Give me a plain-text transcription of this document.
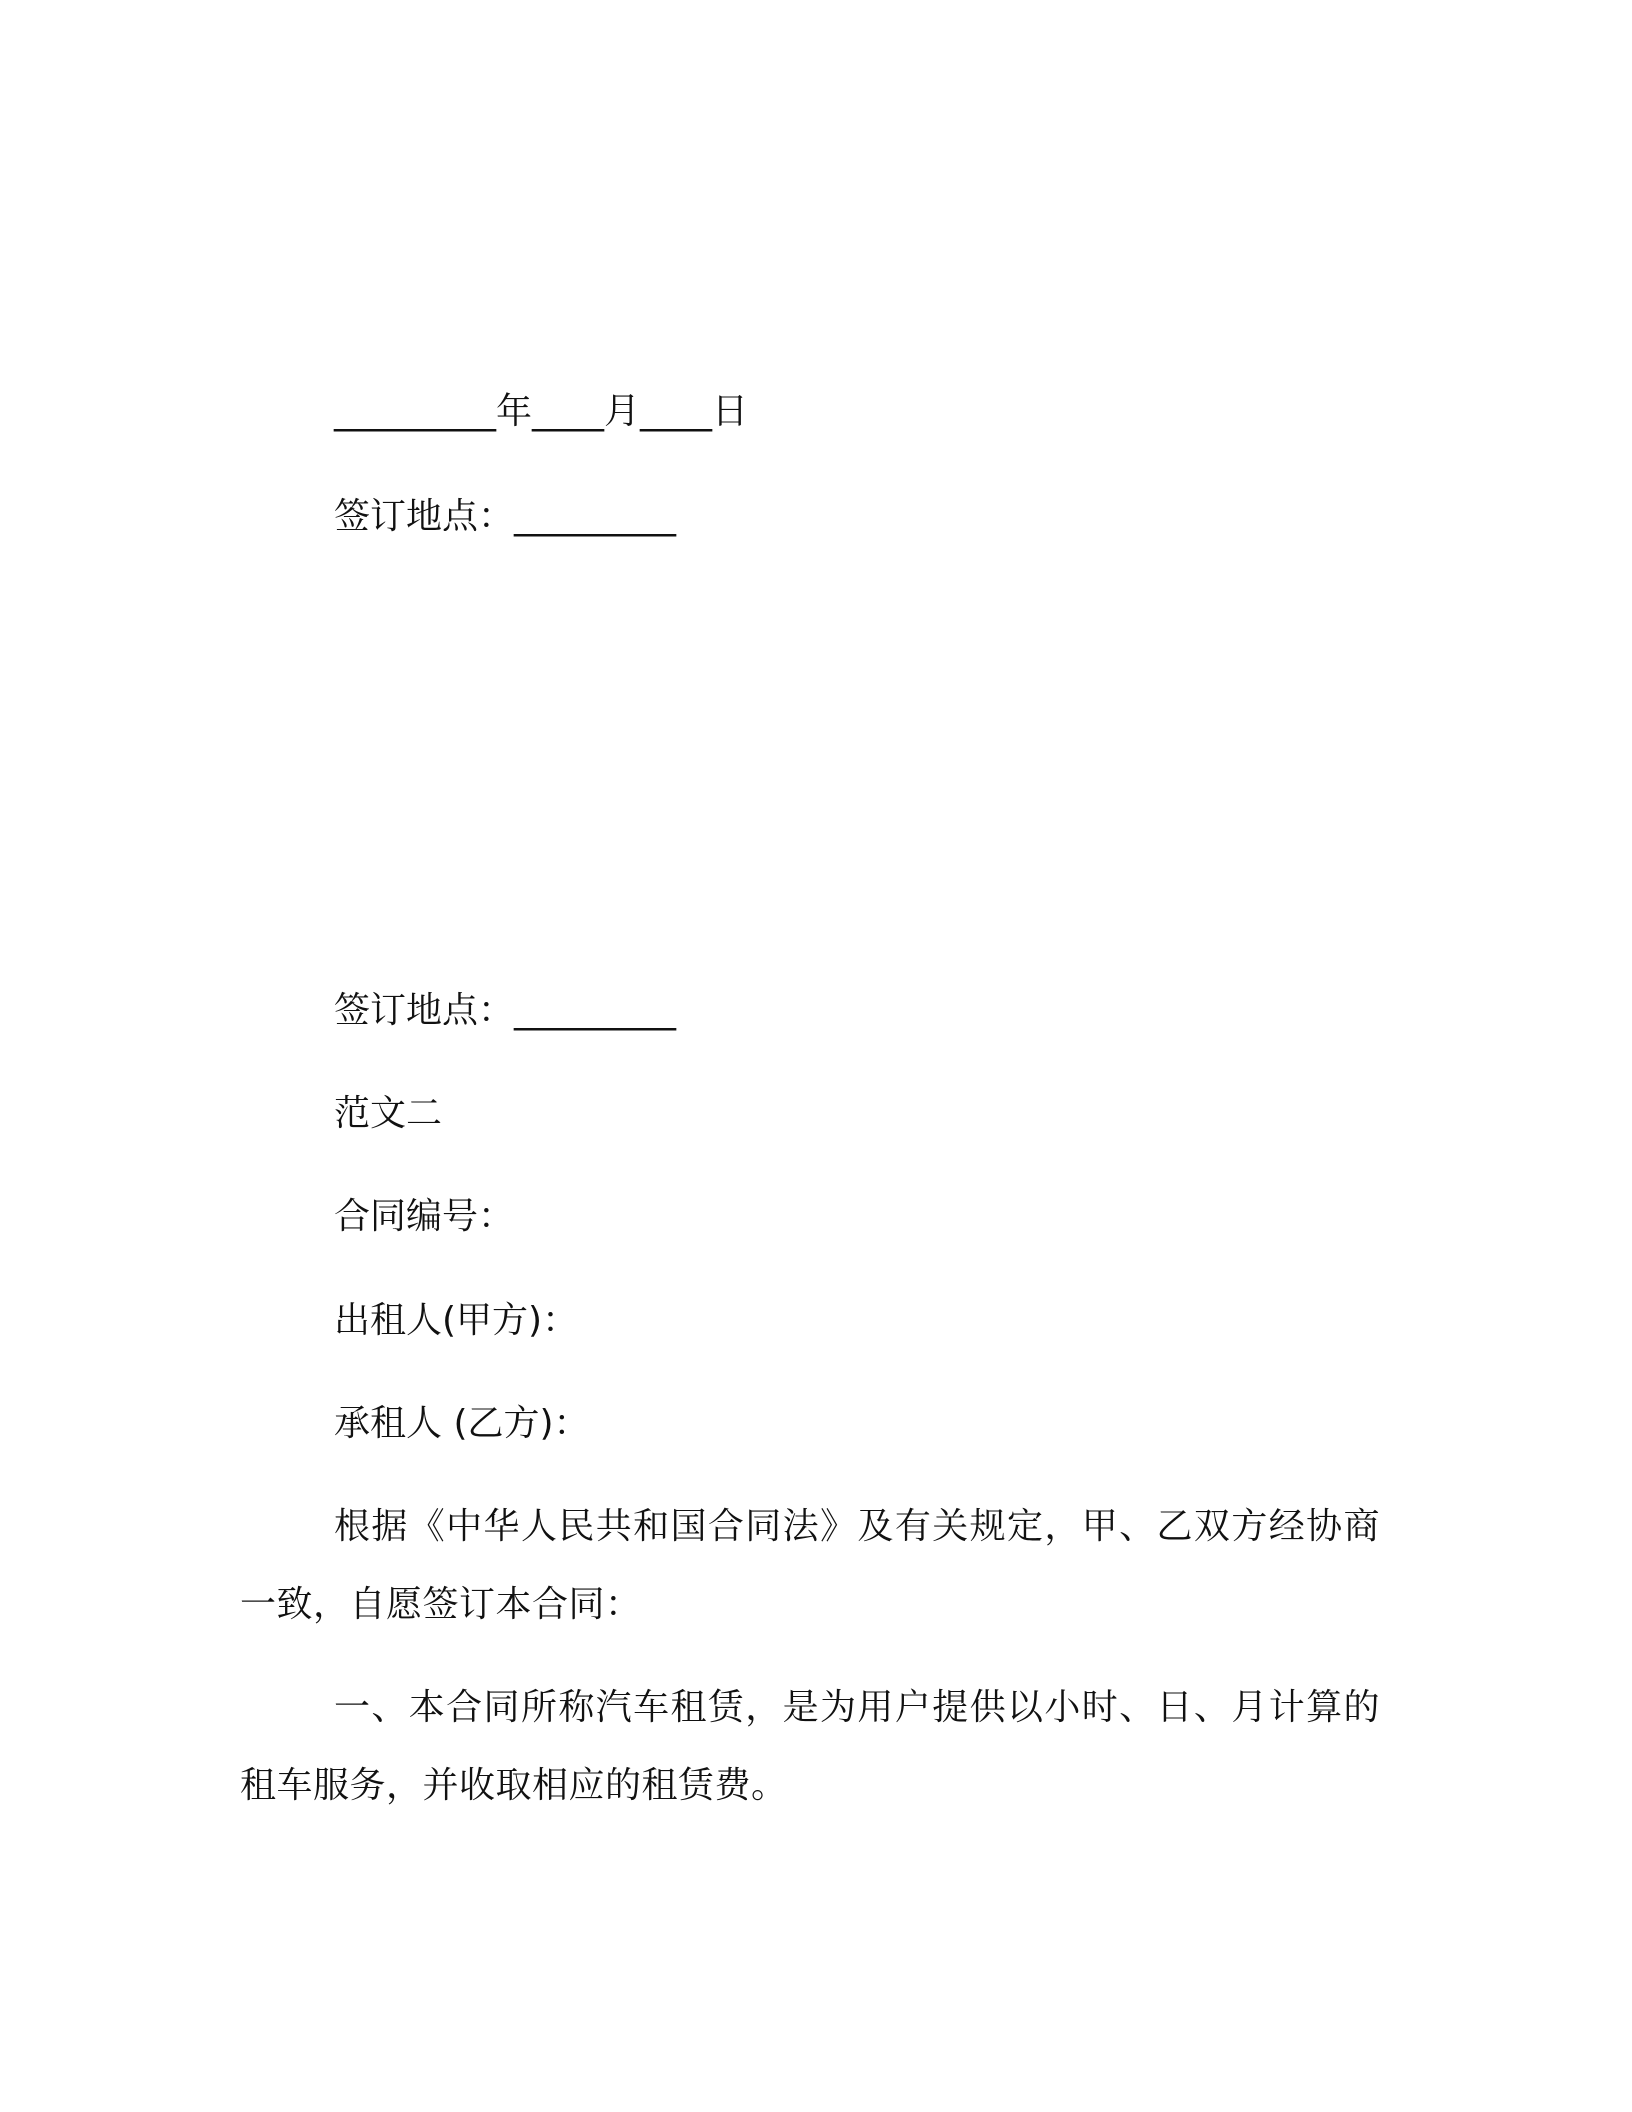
_________年____月____日

签订地点：_________

签订地点：_________

范文二

合同编号：

出租人(甲方)：

承租人 (乙方)：

根据《中华人民共和国合同法》及有关规定，甲、乙双方经协商一致，自愿签订本合同：

一、本合同所称汽车租赁，是为用户提供以小时、日、月计算的租车服务，并收取相应的租赁费。
